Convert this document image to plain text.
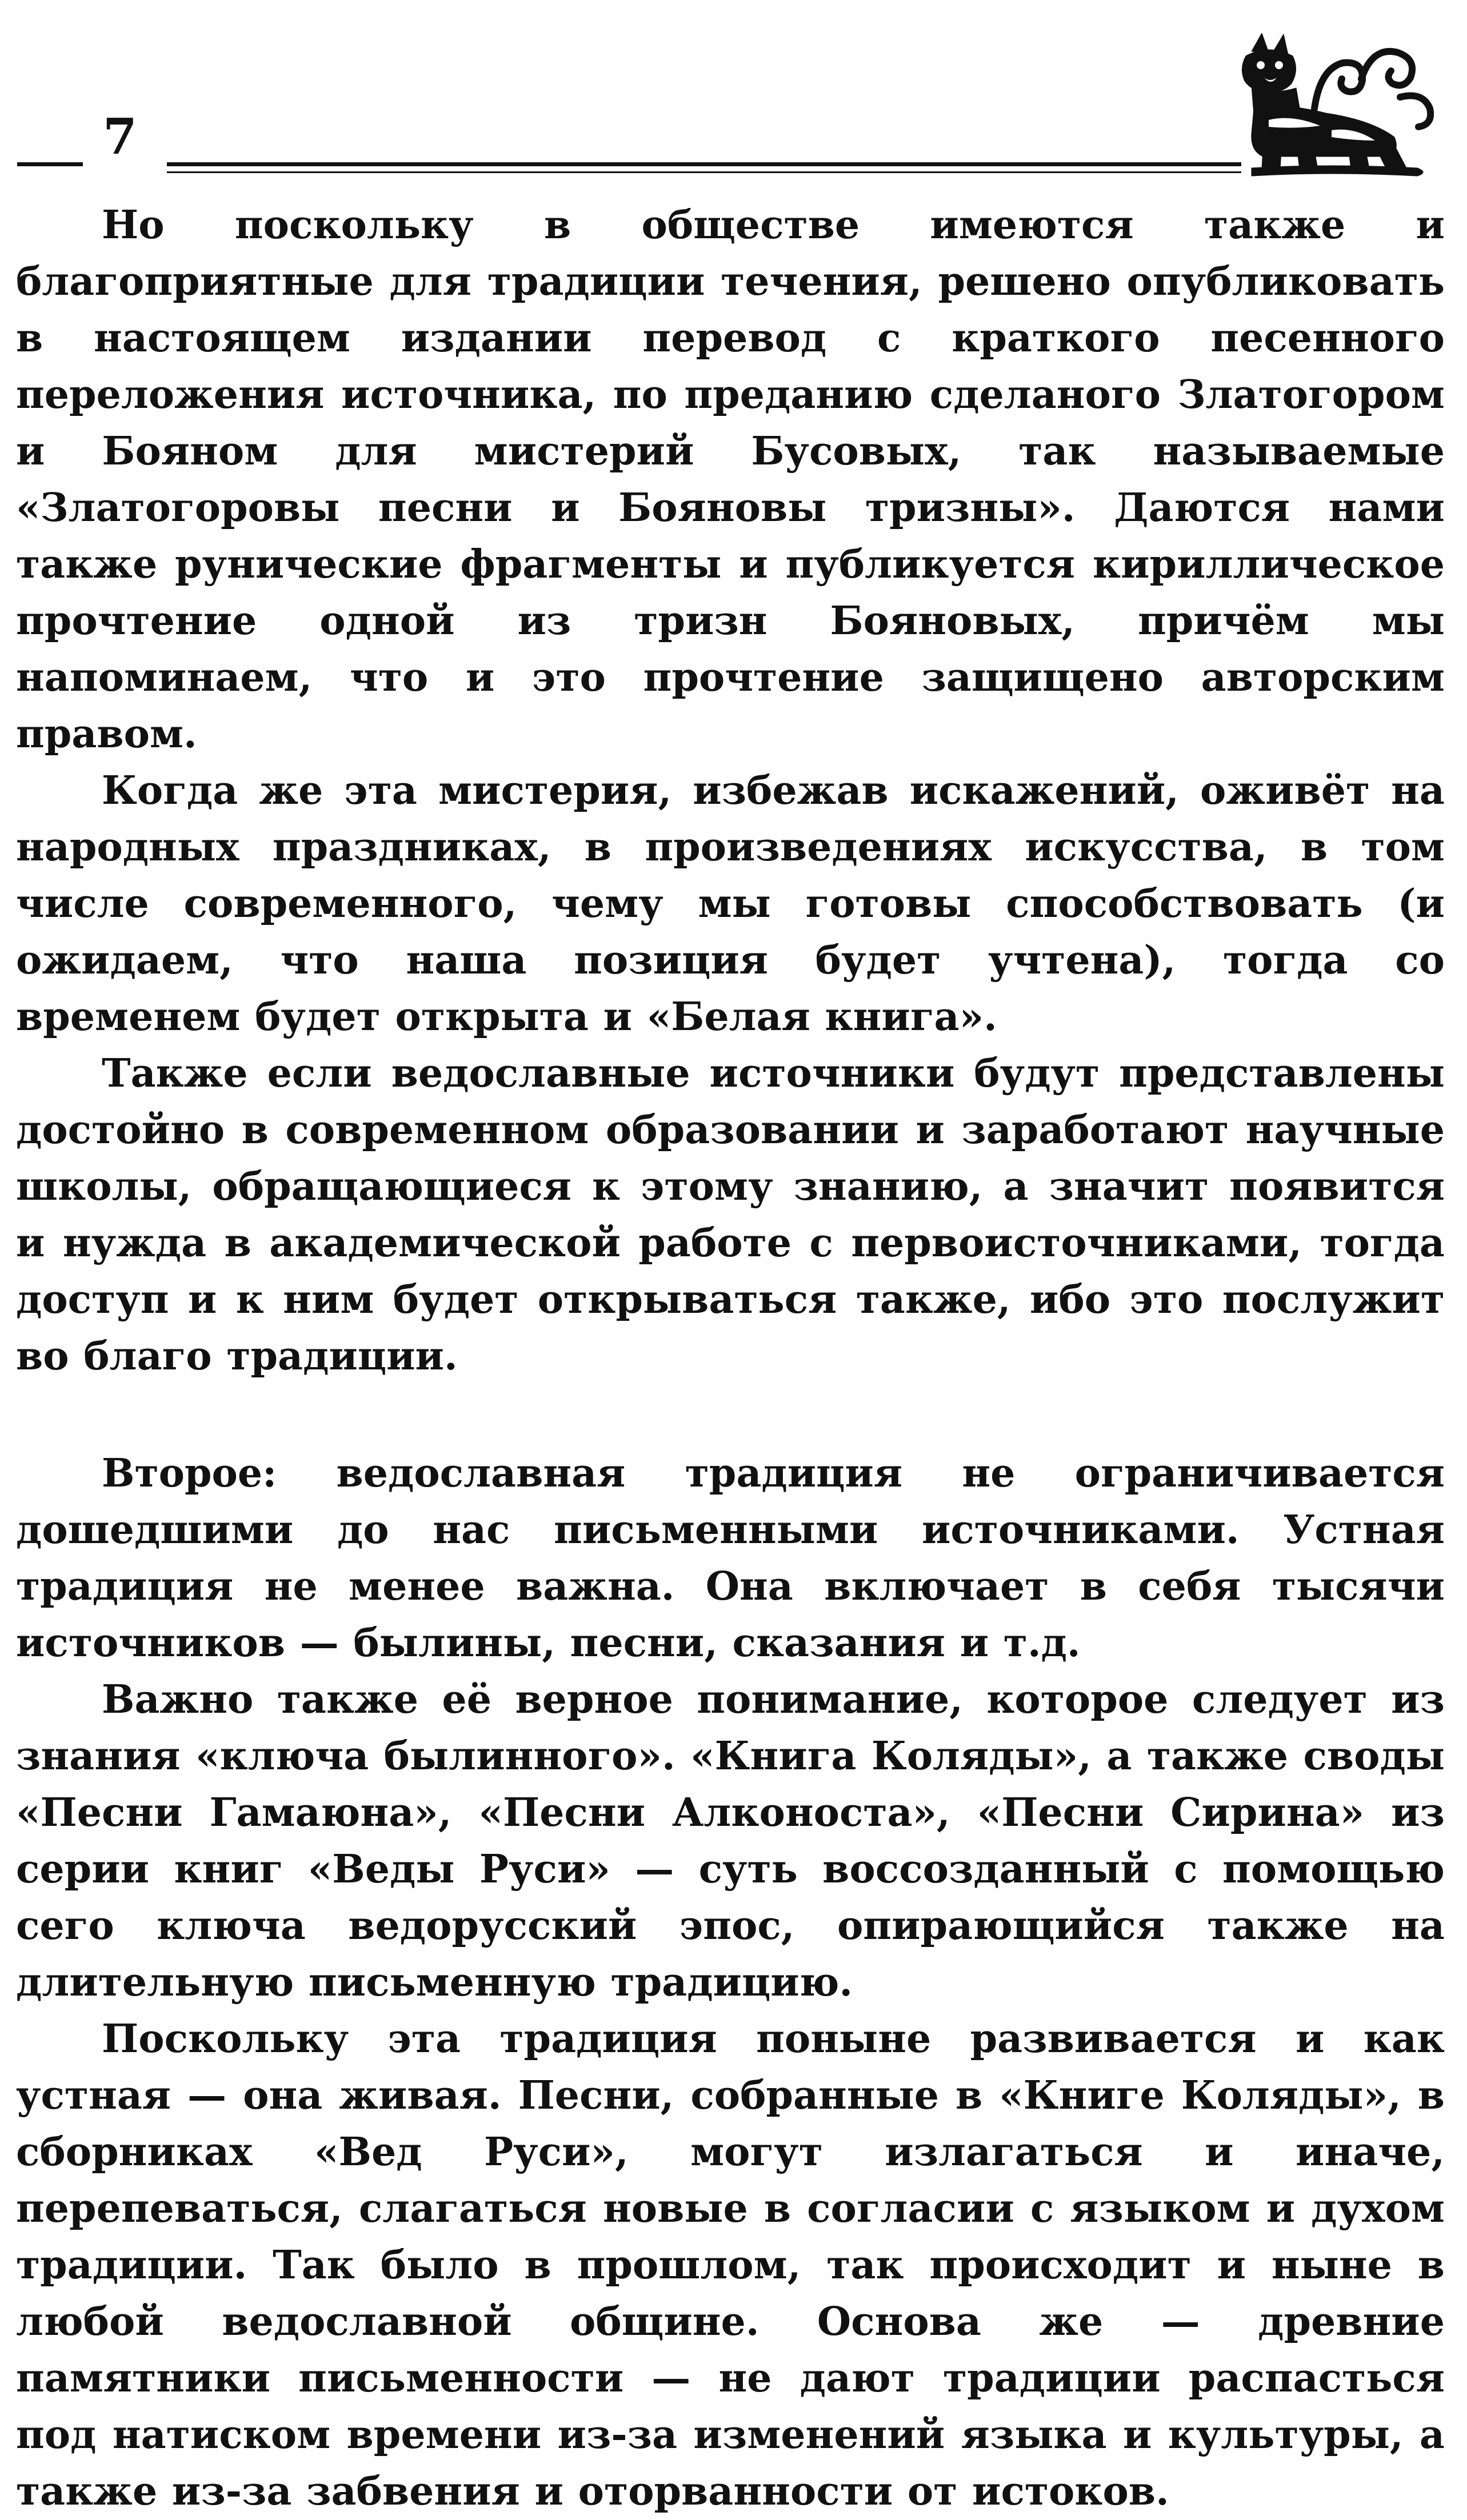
7

Но поскольку в обществе имеются также и благоприятные для традиции течения, решено опубликовать в настоящем издании перевод с краткого песенного переложения источника, по преданию сделаного Златогором и Бояном для мистерий Бусовых, так называемые «Златогоровы песни и Бояновы тризны». Даются нами также рунические фрагменты и публикуется кириллическое прочтение одной из тризн Бояновых, причём мы напоминаем, что и это прочтение защищено авторским правом.

Когда же эта мистерия, избежав искажений, оживёт на народных праздниках, в произведениях искусства, в том числе современного, чему мы готовы способствовать (и ожидаем, что наша позиция будет учтена), тогда со временем будет открыта и «Белая книга».

Также если ведославные источники будут представлены достойно в современном образовании и заработают научные школы, обращающиеся к этому знанию, а значит появится и нужда в академической работе с первоисточниками, тогда доступ и к ним будет открываться также, ибо это послужит во благо традиции.

Второе: ведославная традиция не ограничивается дошедшими до нас письменными источниками. Устная традиция не менее важна. Она включает в себя тысячи источников — былины, песни, сказания и т.д.

Важно также её верное понимание, которое следует из знания «ключа былинного». «Книга Коляды», а также своды «Песни Гамаюна», «Песни Алконоста», «Песни Сирина» из серии книг «Веды Руси» — суть воссозданный с помощью сего ключа ведорусский эпос, опирающийся также на длительную письменную традицию.

Поскольку эта традиция поныне развивается и как устная — она живая. Песни, собранные в «Книге Коляды», в сборниках «Вед Руси», могут излагаться и иначе, перепеваться, слагаться новые в согласии с языком и духом традиции. Так было в прошлом, так происходит и ныне в любой ведославной общине. Основа же — древние памятники письменности — не дают традиции распасться под натиском времени из-за изменений языка и культуры, а также из-за забвения и оторванности от истоков.
